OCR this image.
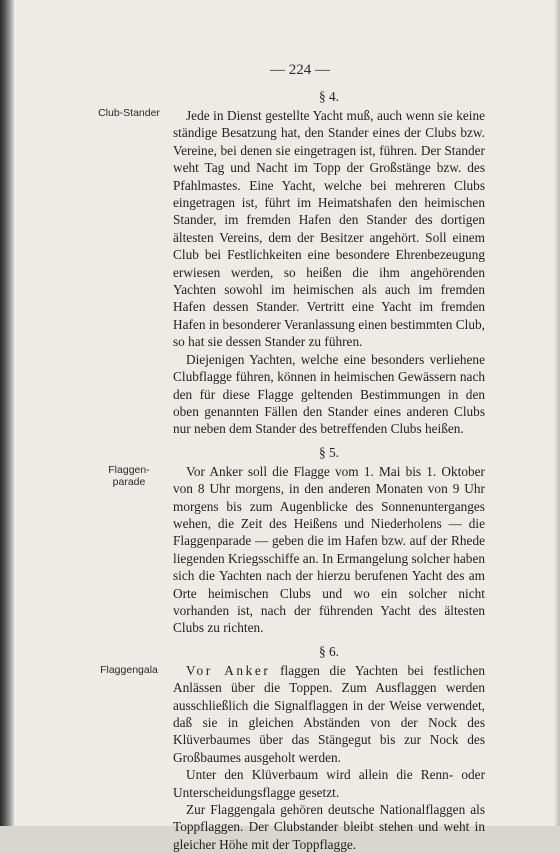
— 224 —
§ 4.
Club-Stander	Jede in Dienst gestellte Yacht muß, auch wenn sie keine ständige Besatzung hat, den Stander eines der Clubs bzw. Vereine, bei denen sie eingetragen ist, führen. Der Stander weht Tag und Nacht im Topp der Großstänge bzw. des Pfahlmastes. Eine Yacht, welche bei mehreren Clubs eingetragen ist, führt im Heimatshafen den heimischen Stander, im fremden Hafen den Stander des dortigen ältesten Vereins, dem der Besitzer angehört. Soll einem Club bei Festlichkeiten eine besondere Ehrenbezeugung erwiesen werden, so heißen die ihm angehörenden Yachten sowohl im heimischen als auch im fremden Hafen dessen Stander. Vertritt eine Yacht im fremden Hafen in besonderer Veranlassung einen bestimmten Club, so hat sie dessen Stander zu führen.

Diejenigen Yachten, welche eine besonders verliehene Clubflagge führen, können in heimischen Gewässern nach den für diese Flagge geltenden Bestimmungen in den oben genannten Fällen den Stander eines anderen Clubs nur neben dem Stander des betreffenden Clubs heißen.

§ 5.
Flaggen-parade

Vor Anker soll die Flagge vom 1. Mai bis 1. Oktober von 8 Uhr morgens, in den anderen Monaten von 9 Uhr morgens bis zum Augenblicke des Sonnenunterganges wehen, die Zeit des Heißens und Niederholens — die Flaggenparade — geben die im Hafen bzw. auf der Rhede liegenden Kriegsschiffe an. In Ermangelung solcher haben sich die Yachten nach der hierzu berufenen Yacht des am Orte heimischen Clubs und wo ein solcher nicht vorhanden ist, nach der führenden Yacht des ältesten Clubs zu richten.

§ 6.
Flaggengala	Vor Anker flaggen die Yachten bei festlichen Anlässen über die Toppen. Zum Ausflaggen werden ausschließlich die Signalflaggen in der Weise verwendet, daß sie in gleichen Abständen von der Nock des Klüverbaumes über das Stängegut bis zur Nock des Großbaumes ausgeholt werden.

Unter den Klüverbaum wird allein die Renn- oder Unterscheidungsflagge gesetzt.

Zur Flaggengala gehören deutsche Nationalflaggen als Toppflaggen. Der Clubstander bleibt stehen und weht in gleicher Höhe mit der Toppflagge.
